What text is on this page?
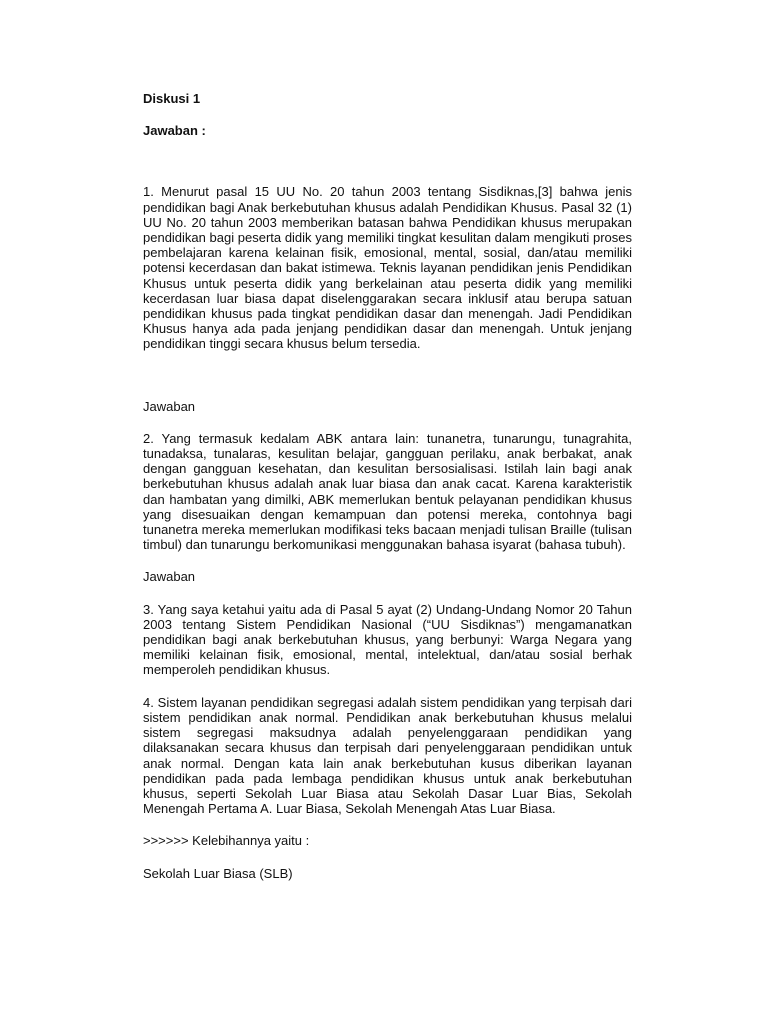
Diskusi 1
Jawaban :

1. Menurut pasal 15 UU No. 20 tahun 2003 tentang Sisdiknas,[3] bahwa jenis pendidikan bagi Anak berkebutuhan khusus adalah Pendidikan Khusus. Pasal 32 (1) UU No. 20 tahun 2003 memberikan batasan bahwa Pendidikan khusus merupakan pendidikan bagi peserta didik yang memiliki tingkat kesulitan dalam mengikuti proses pembelajaran karena kelainan fisik, emosional, mental, sosial, dan/atau memiliki potensi kecerdasan dan bakat istimewa. Teknis layanan pendidikan jenis Pendidikan Khusus untuk peserta didik yang berkelainan atau peserta didik yang memiliki kecerdasan luar biasa dapat diselenggarakan secara inklusif atau berupa satuan pendidikan khusus pada tingkat pendidikan dasar dan menengah. Jadi Pendidikan Khusus hanya ada pada jenjang pendidikan dasar dan menengah. Untuk jenjang pendidikan tinggi secara khusus belum tersedia.

Jawaban

2. Yang termasuk kedalam ABK antara lain: tunanetra, tunarungu, tunagrahita, tunadaksa, tunalaras, kesulitan belajar, gangguan perilaku, anak berbakat, anak dengan gangguan kesehatan, dan kesulitan bersosialisasi. Istilah lain bagi anak berkebutuhan khusus adalah anak luar biasa dan anak cacat. Karena karakteristik dan hambatan yang dimilki, ABK memerlukan bentuk pelayanan pendidikan khusus yang disesuaikan dengan kemampuan dan potensi mereka, contohnya bagi tunanetra mereka memerlukan modifikasi teks bacaan menjadi tulisan Braille (tulisan timbul) dan tunarungu berkomunikasi menggunakan bahasa isyarat (bahasa tubuh).

Jawaban

3. Yang saya ketahui yaitu ada di Pasal 5 ayat (2) Undang-Undang Nomor 20 Tahun 2003 tentang Sistem Pendidikan Nasional (“UU Sisdiknas”) mengamanatkan pendidikan bagi anak berkebutuhan khusus, yang berbunyi: Warga Negara yang memiliki kelainan fisik, emosional, mental, intelektual, dan/atau sosial berhak memperoleh pendidikan khusus.

4. Sistem layanan pendidikan segregasi adalah sistem pendidikan yang terpisah dari sistem pendidikan anak normal. Pendidikan anak berkebutuhan khusus melalui sistem segregasi maksudnya adalah penyelenggaraan pendidikan yang dilaksanakan secara khusus dan terpisah dari penyelenggaraan pendidikan untuk anak normal. Dengan kata lain anak berkebutuhan kusus diberikan layanan pendidikan pada pada lembaga pendidikan khusus untuk anak berkebutuhan khusus, seperti Sekolah Luar Biasa atau Sekolah Dasar Luar Bias, Sekolah Menengah Pertama A. Luar Biasa, Sekolah Menengah Atas Luar Biasa.

>>>>>> Kelebihannya yaitu :

Sekolah Luar Biasa (SLB)
